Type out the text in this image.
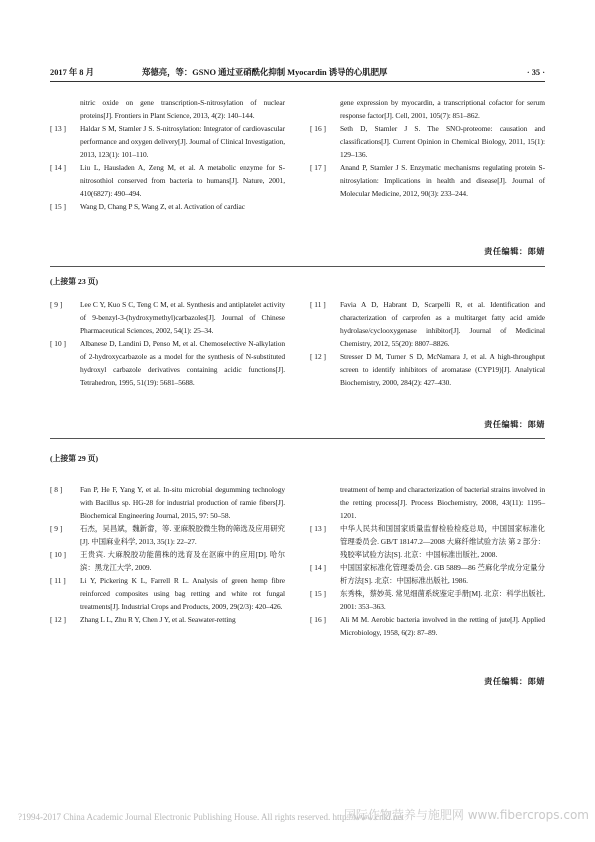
2017 年 8 月	郑德亮，等：GSNO 通过亚硝酰化抑制 Myocardin 诱导的心肌肥厚	· 35 ·
nitric oxide on gene transcription-S-nitrosylation of nuclear proteins[J]. Frontiers in Plant Science, 2013, 4(2): 140–144.
[ 13 ] Haldar S M, Stamler J S. S-nitrosylation: Integrator of cardiovascular performance and oxygen delivery[J]. Journal of Clinical Investigation, 2013, 123(1): 101–110.
[ 14 ] Liu L, Hausladen A, Zeng M, et al. A metabolic enzyme for S-nitrosothiol conserved from bacteria to humans[J]. Nature, 2001, 410(6827): 490–494.
[ 15 ] Wang D, Chang P S, Wang Z, et al. Activation of cardiac
gene expression by myocardin, a transcriptional cofactor for serum response factor[J]. Cell, 2001, 105(7): 851–862.
[ 16 ] Seth D, Stamler J S. The SNO-proteome: causation and classifications[J]. Current Opinion in Chemical Biology, 2011, 15(1): 129–136.
[ 17 ] Anand P, Stamler J S. Enzymatic mechanisms regulating protein S-nitrosylation: Implications in health and disease[J]. Journal of Molecular Medicine, 2012, 90(3): 233–244.
责任编辑：郎婧
(上接第 23 页)
[ 9 ] Lee C Y, Kuo S C, Teng C M, et al. Synthesis and antiplatelet activity of 9-benzyl-3-(hydroxymethyl)carbazoles[J]. Journal of Chinese Pharmaceutical Sciences, 2002, 54(1): 25–34.
[ 10 ] Albanese D, Landini D, Penso M, et al. Chemoselective N-alkylation of 2-hydroxycarbazole as a model for the synthesis of N-substituted hydroxyl carbazole derivatives containing acidic functions[J]. Tetrahedron, 1995, 51(19): 5681–5688.
[ 11 ] Favia A D, Habrant D, Scarpelli R, et al. Identification and characterization of carprofen as a multitarget fatty acid amide hydrolase/cyclooxygenase inhibitor[J]. Journal of Medicinal Chemistry, 2012, 55(20): 8807–8826.
[ 12 ] Stresser D M, Turner S D, McNamara J, et al. A high-throughput screen to identify inhibitors of aromatase (CYP19)[J]. Analytical Biochemistry, 2000, 284(2): 427–430.
责任编辑：郎婧
(上接第 29 页)
[ 8 ] Fan P, He F, Yang Y, et al. In-situ microbial degumming technology with Bacillus sp. HG-28 for industrial production of ramie fibers[J]. Biochemical Engineering Journal, 2015, 97: 50–58.
[ 9 ] 石杰，吴昌斌，魏新畲，等. 亚麻脱胶微生物的筛选及应用研究[J]. 中国麻业科学, 2013, 35(1): 22–27.
[ 10 ] 王贵宾. 大麻脱胶功能菌株的选育及在沤麻中的应用[D]. 哈尔滨：黑龙江大学, 2009.
[ 11 ] Li Y, Pickering K L, Farrell R L. Analysis of green hemp fibre reinforced composites using bag retting and white rot fungal treatments[J]. Industrial Crops and Products, 2009, 29(2/3): 420–426.
[ 12 ] Zhang L L, Zhu R Y, Chen J Y, et al. Seawater-retting
treatment of hemp and characterization of bacterial strains involved in the retting process[J]. Process Biochemistry, 2008, 43(11): 1195–1201.
[ 13 ] 中华人民共和国国家质量监督检验检疫总局，中国国家标准化管理委员会. GB/T 18147.2—2008 大麻纤维试验方法 第 2 部分：残胶率试验方法[S]. 北京：中国标准出版社, 2008.
[ 14 ] 中国国家标准化管理委员会. GB 5889—86 苎麻化学成分定量分析方法[S]. 北京：中国标准出版社, 1986.
[ 15 ] 东秀株，蔡妙英. 常见细菌系统鉴定手册[M]. 北京：科学出版社, 2001: 353–363.
[ 16 ] Ali M M. Aerobic bacteria involved in the retting of jute[J]. Applied Microbiology, 1958, 6(2): 87–89.
责任编辑：郎婧
?1994-2017 China Academic Journal Electronic Publishing House. All rights reserved. http://www.cnki.net
国际作物营养与施肥网 www.fibercrops.com
